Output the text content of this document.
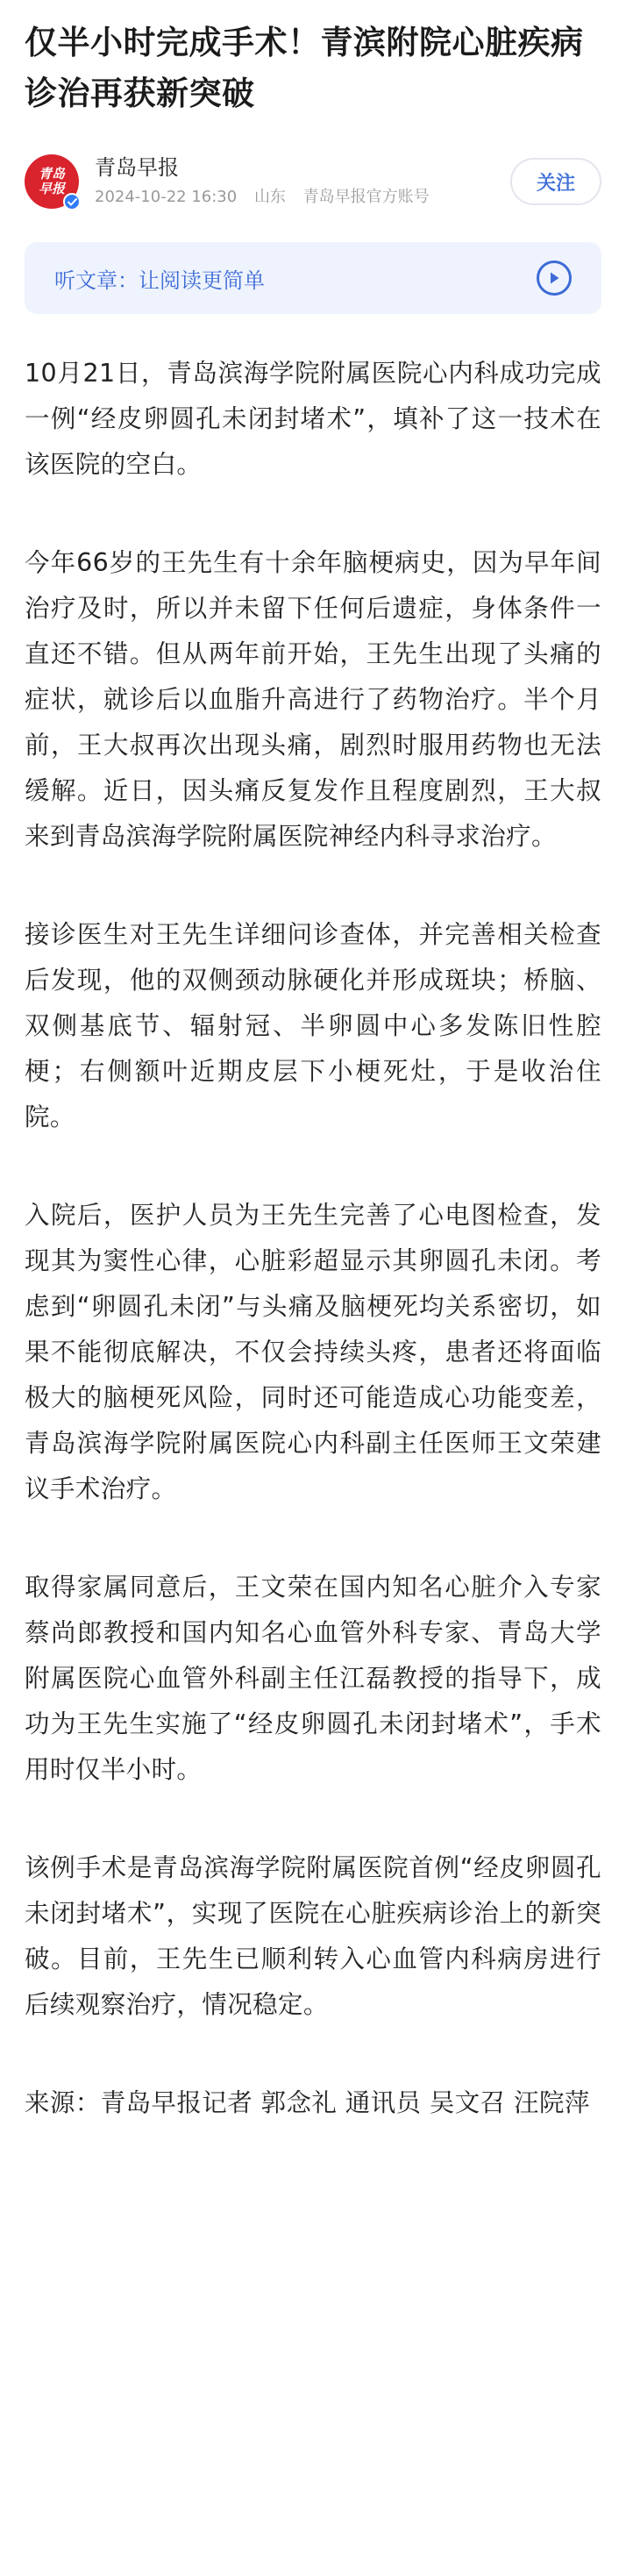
仅半小时完成手术！青滨附院心脏疾病诊治再获新突破
青岛早报
青岛早报
2024-10-22 16:30 山东 青岛早报官方账号
关注
听文章：让阅读更简单

10月21日，青岛滨海学院附属医院心内科成功完成一例“经皮卵圆孔未闭封堵术”，填补了这一技术在该医院的空白。

今年66岁的王先生有十余年脑梗病史，因为早年间治疗及时，所以并未留下任何后遗症，身体条件一直还不错。但从两年前开始，王先生出现了头痛的症状，就诊后以血脂升高进行了药物治疗。半个月前，王大叔再次出现头痛，剧烈时服用药物也无法缓解。近日，因头痛反复发作且程度剧烈，王大叔来到青岛滨海学院附属医院神经内科寻求治疗。

接诊医生对王先生详细问诊查体，并完善相关检查后发现，他的双侧颈动脉硬化并形成斑块；桥脑、双侧基底节、辐射冠、半卵圆中心多发陈旧性腔梗；右侧额叶近期皮层下小梗死灶，于是收治住院。

入院后，医护人员为王先生完善了心电图检查，发现其为窦性心律，心脏彩超显示其卵圆孔未闭。考虑到“卵圆孔未闭”与头痛及脑梗死均关系密切，如果不能彻底解决，不仅会持续头疼，患者还将面临极大的脑梗死风险，同时还可能造成心功能变差，青岛滨海学院附属医院心内科副主任医师王文荣建议手术治疗。

取得家属同意后，王文荣在国内知名心脏介入专家蔡尚郎教授和国内知名心血管外科专家、青岛大学附属医院心血管外科副主任江磊教授的指导下，成功为王先生实施了“经皮卵圆孔未闭封堵术”，手术用时仅半小时。

该例手术是青岛滨海学院附属医院首例“经皮卵圆孔未闭封堵术”，实现了医院在心脏疾病诊治上的新突破。目前，王先生已顺利转入心血管内科病房进行后续观察治疗，情况稳定。

来源：青岛早报记者 郭念礼 通讯员 吴文召 汪院萍
